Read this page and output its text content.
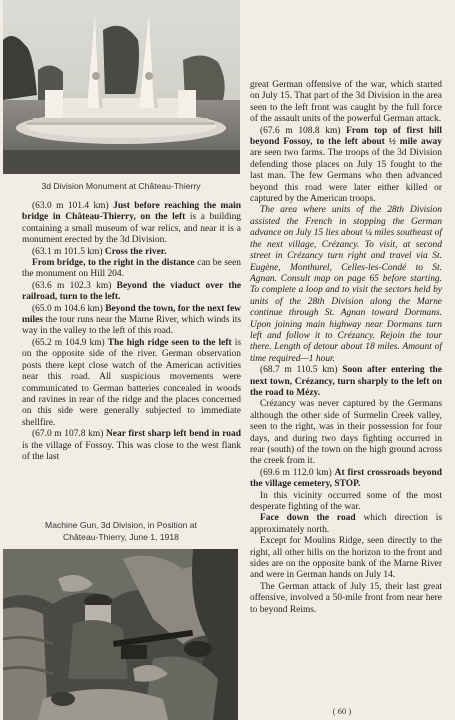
3d Division Monument at Château-Thierry

(63.0 m 101.4 km) Just before reaching the main bridge in Château-Thierry, on the left is a building containing a small museum of war relics, and near it is a monument erected by the 3d Division.

(63.1 m 101.5 km) Cross the river.

From bridge, to the right in the distance can be seen the monument on Hill 204.

(63.6 m 102.3 km) Beyond the viaduct over the railroad, turn to the left.

(65.0 m 104.6 km) Beyond the town, for the next few miles the tour runs near the Marne River, which winds its way in the valley to the left of this road.

(65.2 m 104.9 km) The high ridge seen to the left is on the opposite side of the river. German observation posts there kept close watch of the American activities near this road. All suspicious movements were communicated to German batteries concealed in woods and ravines in rear of the ridge and the places concerned on this side were generally subjected to immediate shellfire.

(67.0 m 107.8 km) Near first sharp left bend in road is the village of Fossoy. This was close to the west flank of the last

Machine Gun, 3d Division, in Position at
Château-Thierry, June 1, 1918

great German offensive of the war, which started on July 15. That part of the 3d Division in the area seen to the left front was caught by the full force of the assault units of the powerful German attack.

(67.6 m 108.8 km) From top of first hill beyond Fossoy, to the left about ½ mile away are seen two farms. The troops of the 3d Division defending those places on July 15 fought to the last man. The few Germans who then advanced beyond this road were later either killed or captured by the American troops.

The area where units of the 28th Division assisted the French in stopping the German advance on July 15 lies about ¼ miles southeast of the next village, Crézancy. To visit, at second street in Crézancy turn right and travel via St. Eugène, Monthurel, Celles-les-Condé to St. Agnan. Consult map on page 65 before starting. To complete a loop and to visit the sectors held by units of the 28th Division along the Marne continue through St. Agnan toward Dormans. Upon joining main highway near Dormans turn left and follow it to Crézancy. Rejoin the tour there. Length of detour about 18 miles. Amount of time required—1 hour.

(68.7 m 110.5 km) Soon after entering the next town, Crézancy, turn sharply to the left on the road to Mézy.

Crézancy was never captured by the Germans although the other side of Surmelin Creek valley, seen to the right, was in their possession for four days, and during two days fighting occurred in rear (south) of the town on the high ground across the creek from it.

(69.6 m 112.0 km) At first crossroads beyond the village cemetery, STOP.

In this vicinity occurred some of the most desperate fighting of the war.

Face down the road which direction is approximately north.

Except for Moulins Ridge, seen directly to the right, all other hills on the horizon to the front and sides are on the opposite bank of the Marne River and were in German hands on July 14.

The German attack of July 15, their last great offensive, involved a 50-mile front from near here to beyond Reims.

( 60 )
